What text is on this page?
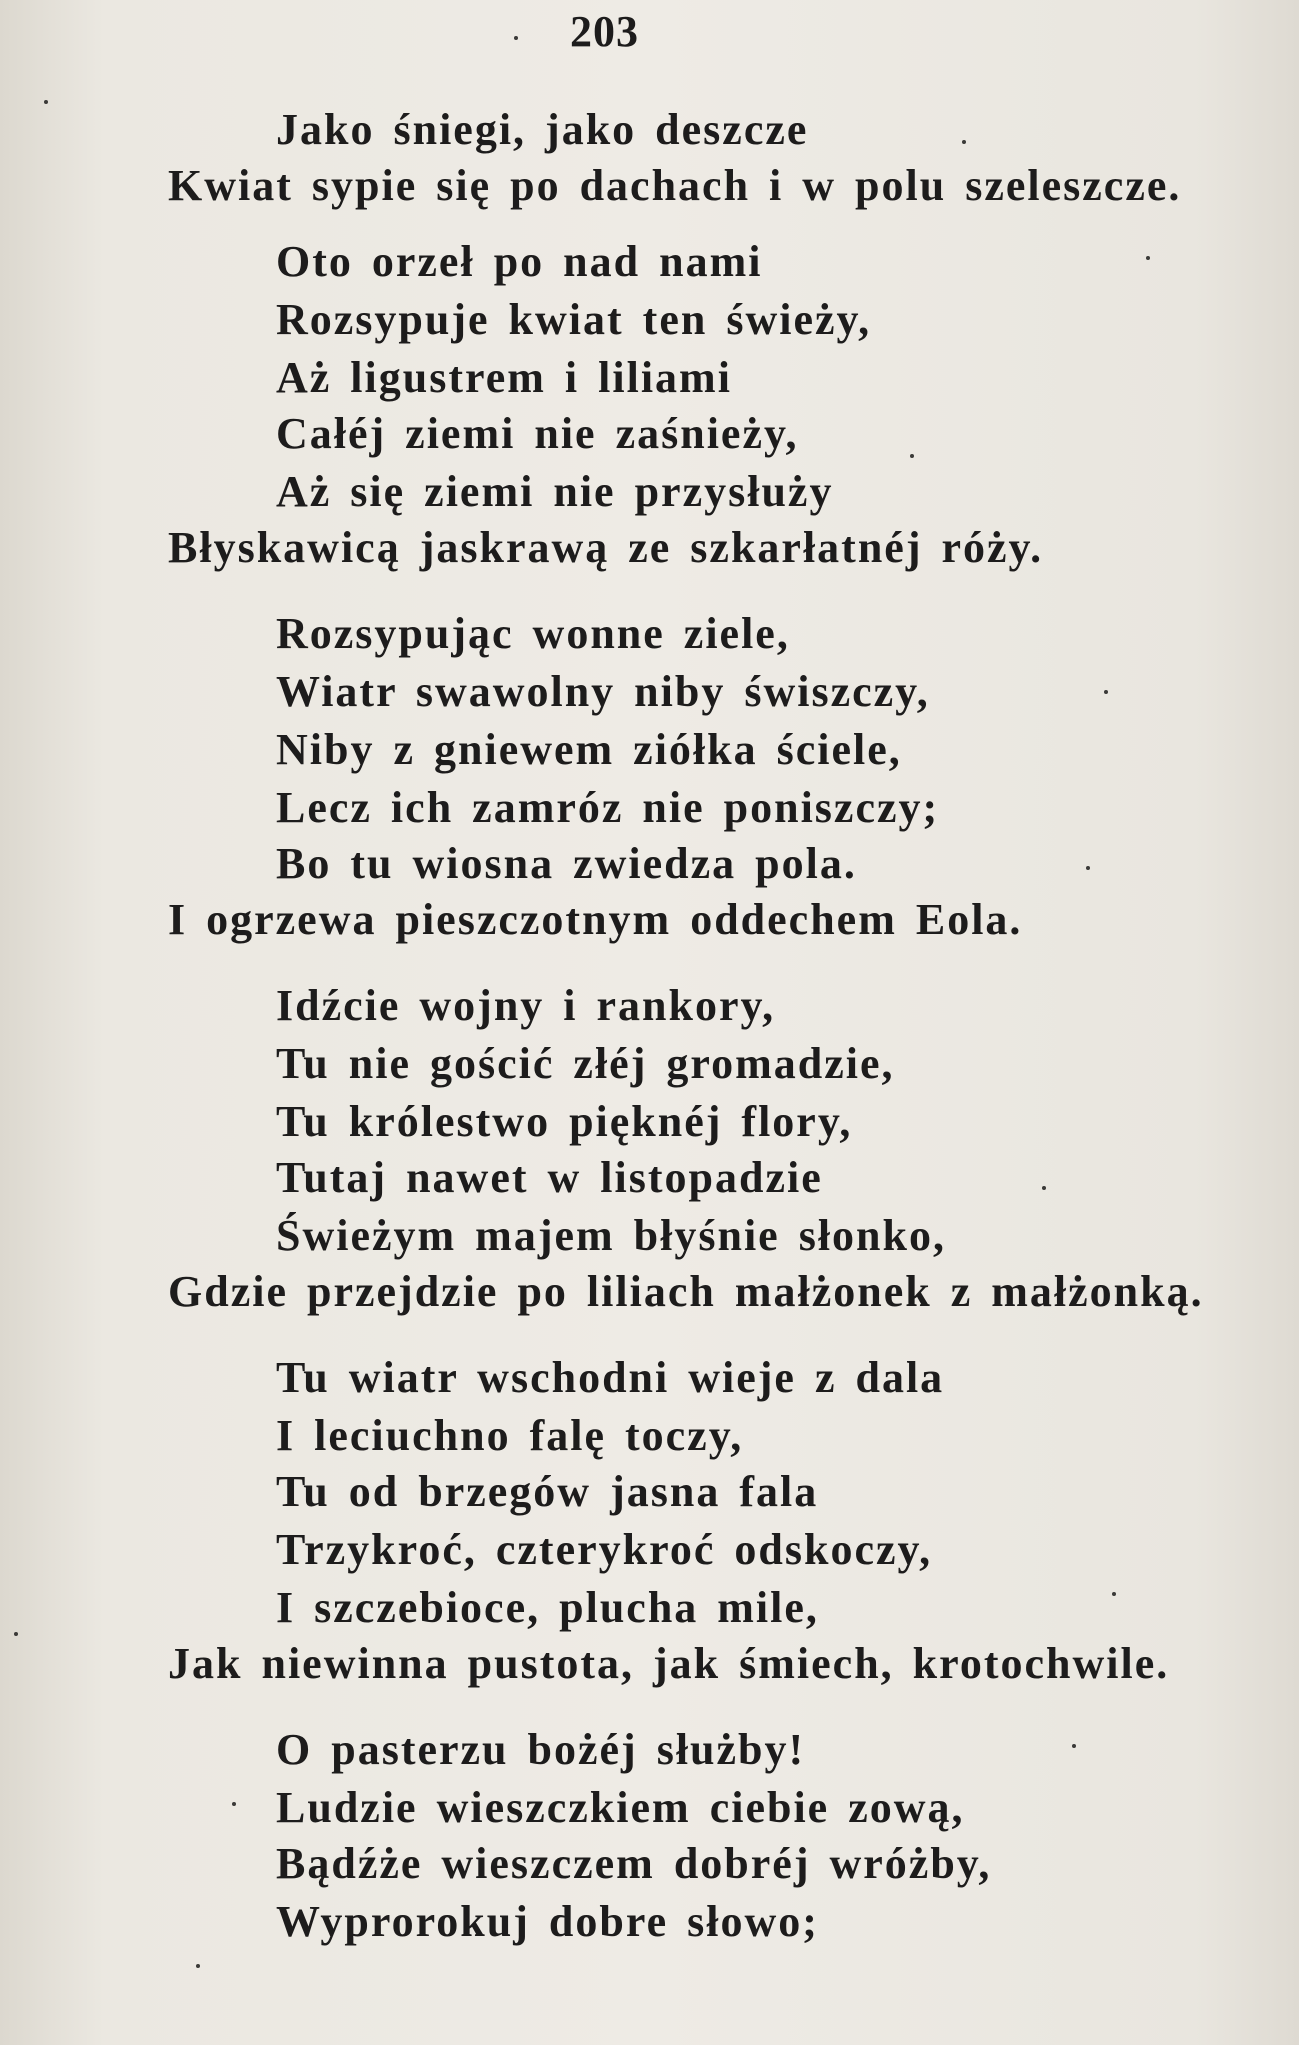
203
Jako śniegi, jako deszcze
Kwiat sypie się po dachach i w polu szeleszcze.
Oto orzeł po nad nami
Rozsypuje kwiat ten świeży,
Aż ligustrem i liliami
Całéj ziemi nie zaśnieży,
Aż się ziemi nie przysłuży
Błyskawicą jaskrawą ze szkarłatnéj róży.
Rozsypując wonne ziele,
Wiatr swawolny niby świszczy,
Niby z gniewem ziółka ściele,
Lecz ich zamróz nie poniszczy;
Bo tu wiosna zwiedza pola.
I ogrzewa pieszczotnym oddechem Eola.
Idźcie wojny i rankory,
Tu nie gościć złéj gromadzie,
Tu królestwo pięknéj flory,
Tutaj nawet w listopadzie
Świeżym majem błyśnie słonko,
Gdzie przejdzie po liliach małżonek z małżonką.
Tu wiatr wschodni wieje z dala
I leciuchno falę toczy,
Tu od brzegów jasna fala
Trzykroć, czterykroć odskoczy,
I szczebioce, plucha mile,
Jak niewinna pustota, jak śmiech, krotochwile.
O pasterzu bożéj służby!
Ludzie wieszczkiem ciebie zową,
Bądźże wieszczem dobréj wróżby,
Wyprorokuj dobre słowo;
